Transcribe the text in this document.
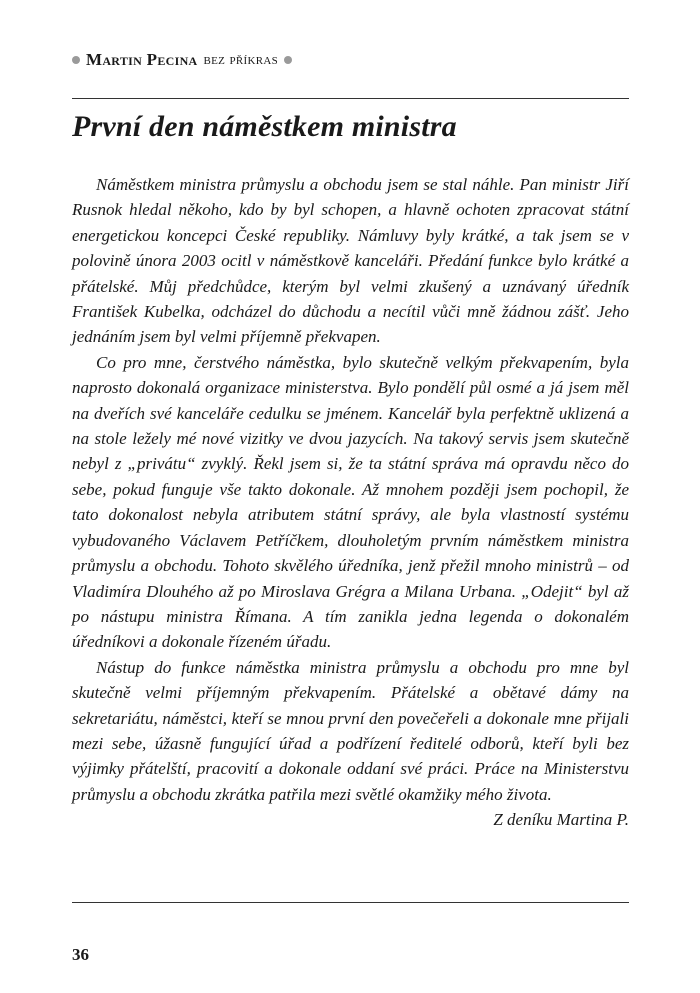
Martin Pecina bez příkras
První den náměstkem ministra

Náměstkem ministra průmyslu a obchodu jsem se stal náhle. Pan ministr Jiří Rusnok hledal někoho, kdo by byl schopen, a hlavně ochoten zpracovat státní energetickou koncepci České republiky. Námluvy byly krátké, a tak jsem se v polovině února 2003 ocitl v náměstkově kanceláři. Předání funkce bylo krátké a přátelské. Můj předchůdce, kterým byl velmi zkušený a uznávaný úředník František Kubelka, odcházel do důchodu a necítil vůči mně žádnou zášť. Jeho jednáním jsem byl velmi příjemně překvapen.

Co pro mne, čerstvého náměstka, bylo skutečně velkým překvapením, byla naprosto dokonalá organizace ministerstva. Bylo pondělí půl osmé a já jsem měl na dveřích své kanceláře cedulku se jménem. Kancelář byla perfektně uklizená a na stole ležely mé nové vizitky ve dvou jazycích. Na takový servis jsem skutečně nebyl z „privátu“ zvyklý. Řekl jsem si, že ta státní správa má opravdu něco do sebe, pokud funguje vše takto dokonale. Až mnohem později jsem pochopil, že tato dokonalost nebyla atributem státní správy, ale byla vlastností systému vybudovaného Václavem Petříčkem, dlouholetým prvním náměstkem ministra průmyslu a obchodu. Tohoto skvělého úředníka, jenž přežil mnoho ministrů – od Vladimíra Dlouhého až po Miroslava Grégra a Milana Urbana. „Odejit“ byl až po nástupu ministra Římana. A tím zanikla jedna legenda o dokonalém úředníkovi a dokonale řízeném úřadu.

Nástup do funkce náměstka ministra průmyslu a obchodu pro mne byl skutečně velmi příjemným překvapením. Přátelské a obětavé dámy na sekretariátu, náměstci, kteří se mnou první den povečeřeli a dokonale mne přijali mezi sebe, úžasně fungující úřad a podřízení ředitelé odborů, kteří byli bez výjimky přátelští, pracovití a dokonale oddaní své práci. Práce na Ministerstvu průmyslu a obchodu zkrátka patřila mezi světlé okamžiky mého života.

Z deníku Martina P.

36
